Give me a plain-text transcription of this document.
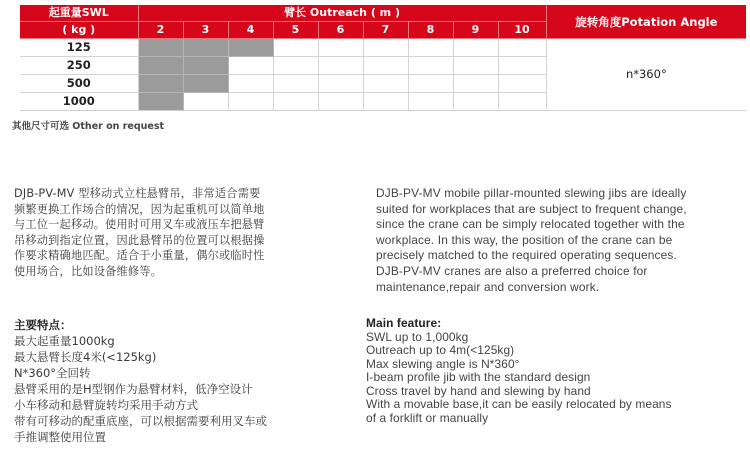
起重量SWL	臂长 Outreach ( m )									旋转角度Potation Angle
( kg )	2	3	4	5	6	7	8	9	10	
125										n*360°
250										
500										
1000										
其他尺寸可选 Other on request
DJB-PV-MV 型移动式立柱悬臂吊，非常适合需要
频繁更换工作场合的情况，因为起重机可以简单地
与工位一起移动。使用时可用叉车或液压车把悬臂
吊移动到指定位置，因此悬臂吊的位置可以根据操
作要求精确地匹配。适合于小重量，偶尔或临时性
使用场合，比如设备维修等。
DJB-PV-MV mobile pillar-mounted slewing jibs are ideally
suited for workplaces that are subject to frequent change,
since the crane can be simply relocated together with the
workplace. In this way, the position of the crane can be
precisely matched to the required operating sequences.
DJB-PV-MV cranes are also a preferred choice for
maintenance,repair and conversion work.
主要特点：
最大起重量1000kg
最大悬臂长度4米(<125kg)
N*360°全回转
悬臂采用的是H型钢作为悬臂材料，低净空设计
小车移动和悬臂旋转均采用手动方式
带有可移动的配重底座，可以根据需要利用叉车或
手推调整使用位置
Main feature:
SWL up to 1,000kg
Outreach up to 4m(<125kg)
Max slewing angle is N*360°
I-beam profile jib with the standard design
Cross travel by hand and slewing by hand
With a movable base,it can be easily relocated by means
of a forklift or manually
